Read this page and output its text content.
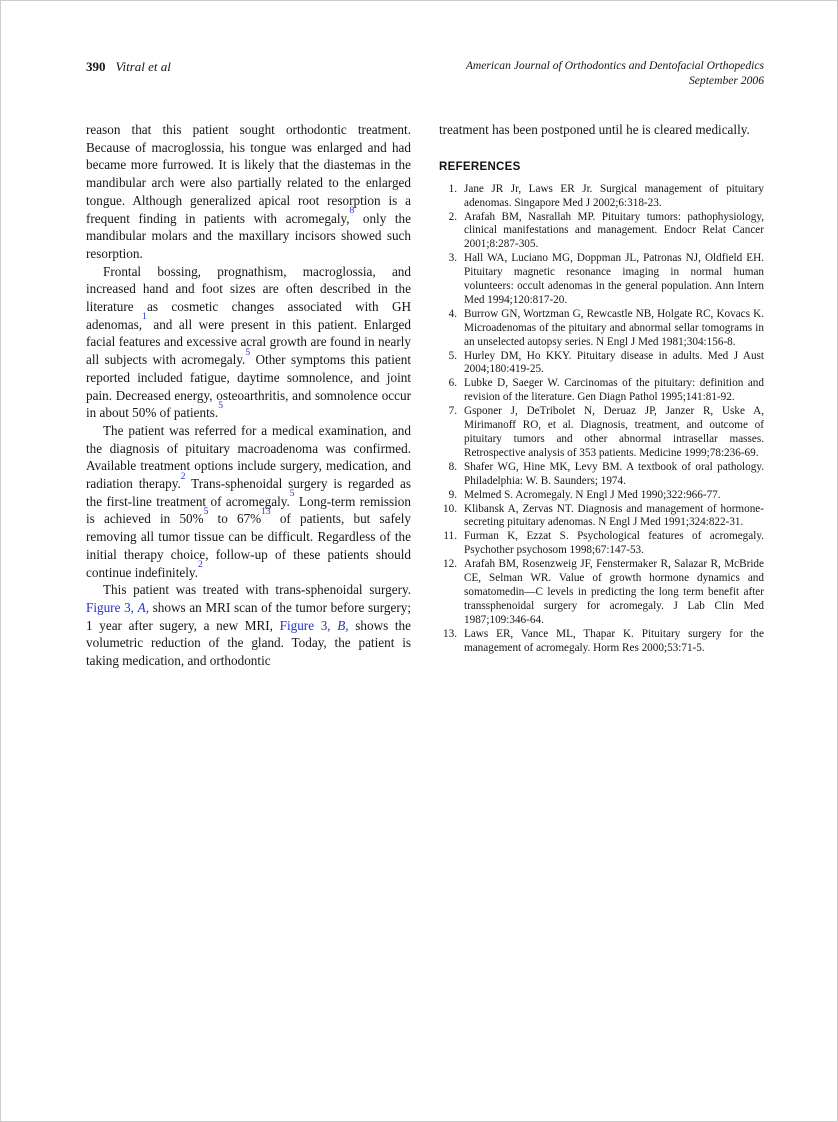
390 Vitral et al	American Journal of Orthodontics and Dentofacial Orthopedics
September 2006

reason that this patient sought orthodontic treatment. Because of macroglossia, his tongue was enlarged and had became more furrowed. It is likely that the diastemas in the mandibular arch were also partially related to the enlarged tongue. Although generalized apical root resorption is a frequent finding in patients with acromegaly,$^8$ only the mandibular molars and the maxillary incisors showed such resorption.

Frontal bossing, prognathism, macroglossia, and increased hand and foot sizes are often described in the literature as cosmetic changes associated with GH adenomas,$^1$ and all were present in this patient. Enlarged facial features and excessive acral growth are found in nearly all subjects with acromegaly.$^5$ Other symptoms this patient reported included fatigue, daytime somnolence, and joint pain. Decreased energy, osteoarthritis, and somnolence occur in about 50% of patients.$^5$

The patient was referred for a medical examination, and the diagnosis of pituitary macroadenoma was confirmed. Available treatment options include surgery, medication, and radiation therapy.$^2$ Trans-sphenoidal surgery is regarded as the first-line treatment of acromegaly.$^5$ Long-term remission is achieved in 50%$^5$ to 67%$^{13}$ of patients, but safely removing all tumor tissue can be difficult. Regardless of the initial therapy choice, follow-up of these patients should continue indefinitely.$^2$

This patient was treated with trans-sphenoidal surgery. Figure 3, A, shows an MRI scan of the tumor before surgery; 1 year after sugery, a new MRI, Figure 3, B, shows the volumetric reduction of the gland. Today, the patient is taking medication, and orthodontic

treatment has been postponed until he is cleared medically.

REFERENCES
1. Jane JR Jr, Laws ER Jr. Surgical management of pituitary adenomas. Singapore Med J 2002;6:318-23.
2. Arafah BM, Nasrallah MP. Pituitary tumors: pathophysiology, clinical manifestations and management. Endocr Relat Cancer 2001;8:287-305.
3. Hall WA, Luciano MG, Doppman JL, Patronas NJ, Oldfield EH. Pituitary magnetic resonance imaging in normal human volunteers: occult adenomas in the general population. Ann Intern Med 1994;120:817-20.
4. Burrow GN, Wortzman G, Rewcastle NB, Holgate RC, Kovacs K. Microadenomas of the pituitary and abnormal sellar tomograms in an unselected autopsy series. N Engl J Med 1981;304:156-8.
5. Hurley DM, Ho KKY. Pituitary disease in adults. Med J Aust 2004;180:419-25.
6. Lubke D, Saeger W. Carcinomas of the pituitary: definition and revision of the literature. Gen Diagn Pathol 1995;141:81-92.
7. Gsponer J, DeTribolet N, Deruaz JP, Janzer R, Uske A, Mirimanoff RO, et al. Diagnosis, treatment, and outcome of pituitary tumors and other abnormal intrasellar masses. Retrospective analysis of 353 patients. Medicine 1999;78:236-69.
8. Shafer WG, Hine MK, Levy BM. A textbook of oral pathology. Philadelphia: W. B. Saunders; 1974.
9. Melmed S. Acromegaly. N Engl J Med 1990;322:966-77.
10. Klibansk A, Zervas NT. Diagnosis and management of hormone-secreting pituitary adenomas. N Engl J Med 1991;324:822-31.
11. Furman K, Ezzat S. Psychological features of acromegaly. Psychother psychosom 1998;67:147-53.
12. Arafah BM, Rosenzweig JF, Fenstermaker R, Salazar R, McBride CE, Selman WR. Value of growth hormone dynamics and somatomedin—C levels in predicting the long term benefit after transsphenoidal surgery for acromegaly. J Lab Clin Med 1987;109:346-64.
13. Laws ER, Vance ML, Thapar K. Pituitary surgery for the management of acromegaly. Horm Res 2000;53:71-5.
